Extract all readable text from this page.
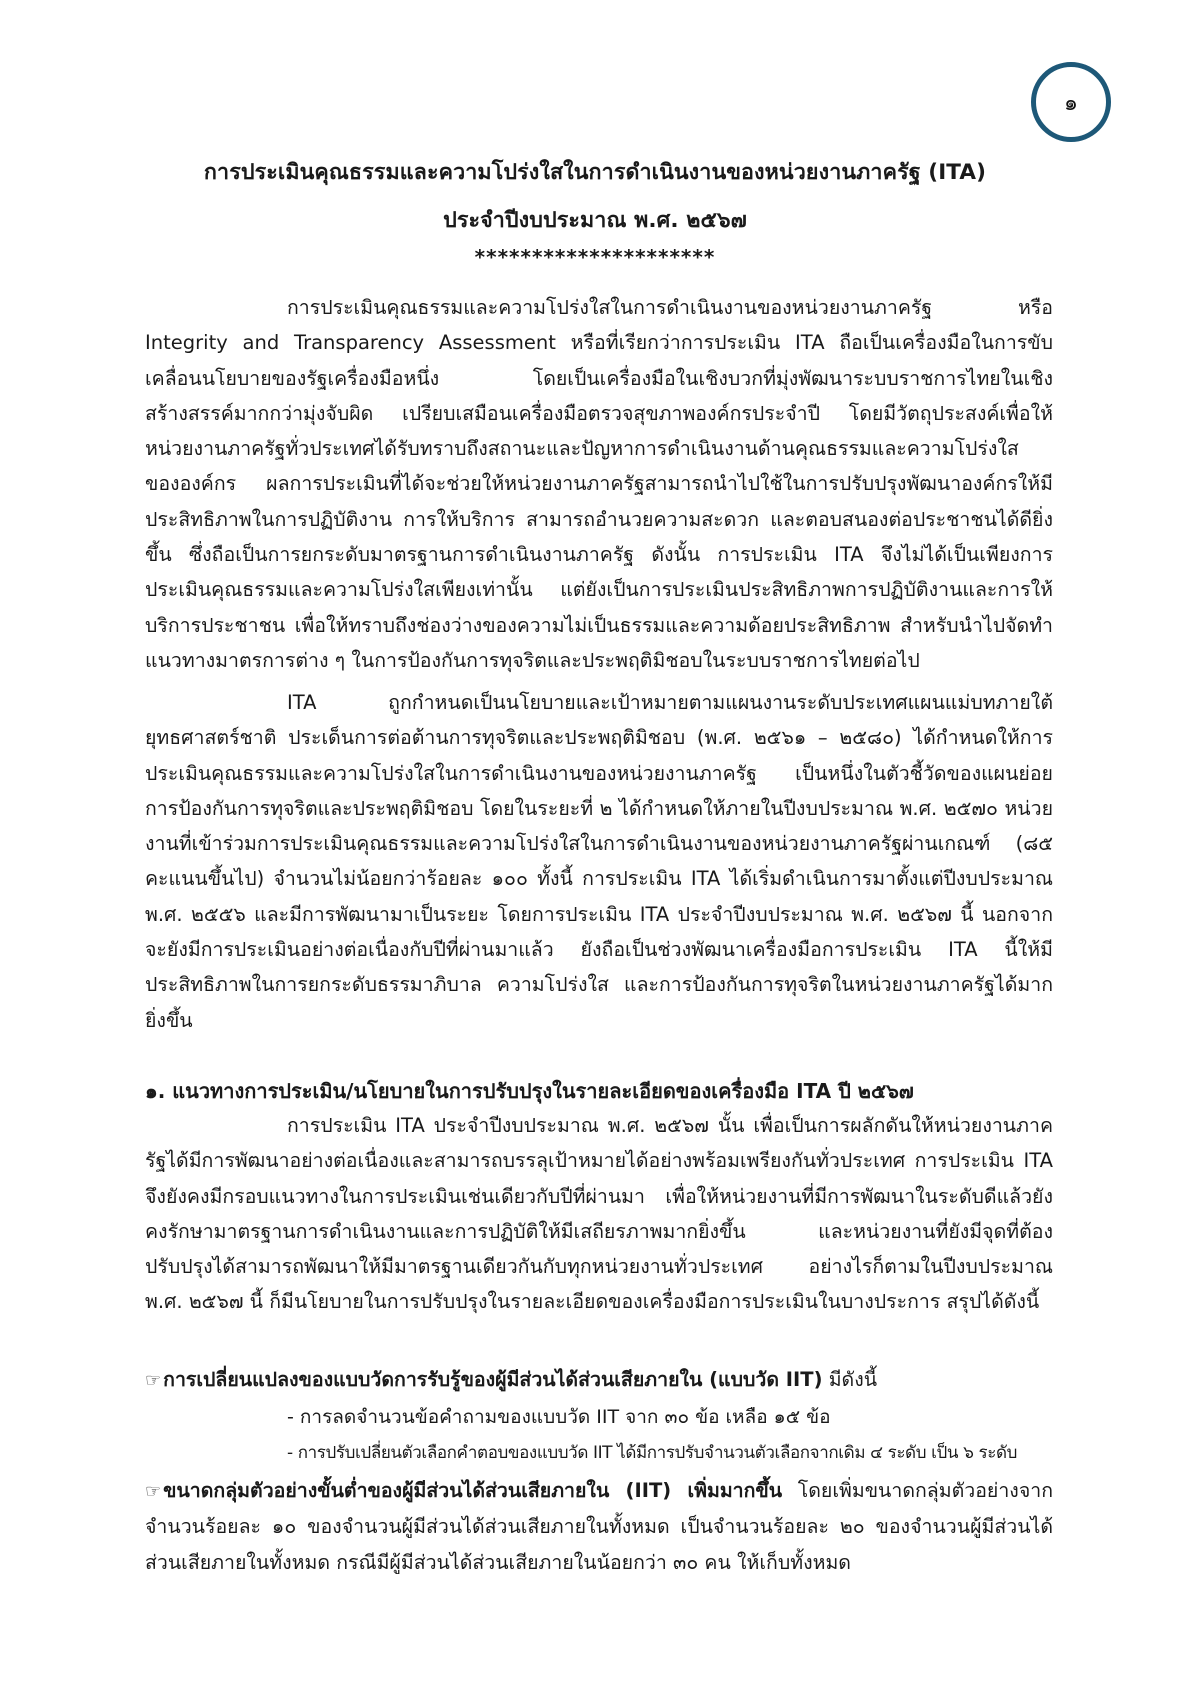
๑
การประเมินคุณธรรมและความโปร่งใสในการดำเนินงานของหน่วยงานภาครัฐ (ITA)
ประจำปีงบประมาณ พ.ศ. ๒๕๖๗
*********************

การประเมินคุณธรรมและความโปร่งใสในการดำเนินงานของหน่วยงานภาครัฐ หรือ Integrity and Transparency Assessment หรือที่เรียกว่าการประเมิน ITA ถือเป็นเครื่องมือในการขับเคลื่อนนโยบายของรัฐเครื่องมือหนึ่ง โดยเป็นเครื่องมือในเชิงบวกที่มุ่งพัฒนาระบบราชการไทยในเชิงสร้างสรรค์มากกว่ามุ่งจับผิด เปรียบเสมือนเครื่องมือตรวจสุขภาพองค์กรประจำปี โดยมีวัตถุประสงค์เพื่อให้หน่วยงานภาครัฐทั่วประเทศได้รับทราบถึงสถานะและปัญหาการดำเนินงานด้านคุณธรรมและความโปร่งใสขององค์กร ผลการประเมินที่ได้จะช่วยให้หน่วยงานภาครัฐสามารถนำไปใช้ในการปรับปรุงพัฒนาองค์กรให้มีประสิทธิภาพในการปฏิบัติงาน การให้บริการ สามารถอำนวยความสะดวก และตอบสนองต่อประชาชนได้ดียิ่งขึ้น ซึ่งถือเป็นการยกระดับมาตรฐานการดำเนินงานภาครัฐ ดังนั้น การประเมิน ITA จึงไม่ได้เป็นเพียงการประเมินคุณธรรมและความโปร่งใสเพียงเท่านั้น แต่ยังเป็นการประเมินประสิทธิภาพการปฏิบัติงานและการให้บริการประชาชน เพื่อให้ทราบถึงช่องว่างของความไม่เป็นธรรมและความด้อยประสิทธิภาพ สำหรับนำไปจัดทำแนวทางมาตรการต่าง ๆ ในการป้องกันการทุจริตและประพฤติมิชอบในระบบราชการไทยต่อไป

ITA ถูกกำหนดเป็นนโยบายและเป้าหมายตามแผนงานระดับประเทศแผนแม่บทภายใต้ยุทธศาสตร์ชาติ ประเด็นการต่อต้านการทุจริตและประพฤติมิชอบ (พ.ศ. ๒๕๖๑ – ๒๕๘๐) ได้กำหนดให้การประเมินคุณธรรมและความโปร่งใสในการดำเนินงานของหน่วยงานภาครัฐ เป็นหนึ่งในตัวชี้วัดของแผนย่อยการป้องกันการทุจริตและประพฤติมิชอบ โดยในระยะที่ ๒ ได้กำหนดให้ภายในปีงบประมาณ พ.ศ. ๒๕๗๐ หน่วยงานที่เข้าร่วมการประเมินคุณธรรมและความโปร่งใสในการดำเนินงานของหน่วยงานภาครัฐผ่านเกณฑ์ (๘๕ คะแนนขึ้นไป) จำนวนไม่น้อยกว่าร้อยละ ๑๐๐ ทั้งนี้ การประเมิน ITA ได้เริ่มดำเนินการมาตั้งแต่ปีงบประมาณ พ.ศ. ๒๕๕๖ และมีการพัฒนามาเป็นระยะ โดยการประเมิน ITA ประจำปีงบประมาณ พ.ศ. ๒๕๖๗ นี้ นอกจากจะยังมีการประเมินอย่างต่อเนื่องกับปีที่ผ่านมาแล้ว ยังถือเป็นช่วงพัฒนาเครื่องมือการประเมิน ITA นี้ให้มีประสิทธิภาพในการยกระดับธรรมาภิบาล ความโปร่งใส และการป้องกันการทุจริตในหน่วยงานภาครัฐได้มากยิ่งขึ้น

๑. แนวทางการประเมิน/นโยบายในการปรับปรุงในรายละเอียดของเครื่องมือ ITA ปี ๒๕๖๗

การประเมิน ITA ประจำปีงบประมาณ พ.ศ. ๒๕๖๗ นั้น เพื่อเป็นการผลักดันให้หน่วยงานภาครัฐได้มีการพัฒนาอย่างต่อเนื่องและสามารถบรรลุเป้าหมายได้อย่างพร้อมเพรียงกันทั่วประเทศ การประเมิน ITA จึงยังคงมีกรอบแนวทางในการประเมินเช่นเดียวกับปีที่ผ่านมา เพื่อให้หน่วยงานที่มีการพัฒนาในระดับดีแล้วยังคงรักษามาตรฐานการดำเนินงานและการปฏิบัติให้มีเสถียรภาพมากยิ่งขึ้น และหน่วยงานที่ยังมีจุดที่ต้องปรับปรุงได้สามารถพัฒนาให้มีมาตรฐานเดียวกันกับทุกหน่วยงานทั่วประเทศ อย่างไรก็ตามในปีงบประมาณ พ.ศ. ๒๕๖๗ นี้ ก็มีนโยบายในการปรับปรุงในรายละเอียดของเครื่องมือการประเมินในบางประการ สรุปได้ดังนี้

☞ การเปลี่ยนแปลงของแบบวัดการรับรู้ของผู้มีส่วนได้ส่วนเสียภายใน (แบบวัด IIT) มีดังนี้
- การลดจำนวนข้อคำถามของแบบวัด IIT จาก ๓๐ ข้อ เหลือ ๑๕ ข้อ
- การปรับเปลี่ยนตัวเลือกคำตอบของแบบวัด IIT ได้มีการปรับจำนวนตัวเลือกจากเดิม ๔ ระดับ เป็น ๖ ระดับ

☞ ขนาดกลุ่มตัวอย่างขั้นต่ำของผู้มีส่วนได้ส่วนเสียภายใน (IIT) เพิ่มมากขึ้น โดยเพิ่มขนาดกลุ่มตัวอย่างจากจำนวนร้อยละ ๑๐ ของจำนวนผู้มีส่วนได้ส่วนเสียภายในทั้งหมด เป็นจำนวนร้อยละ ๒๐ ของจำนวนผู้มีส่วนได้ส่วนเสียภายในทั้งหมด กรณีมีผู้มีส่วนได้ส่วนเสียภายในน้อยกว่า ๓๐ คน ให้เก็บทั้งหมด
